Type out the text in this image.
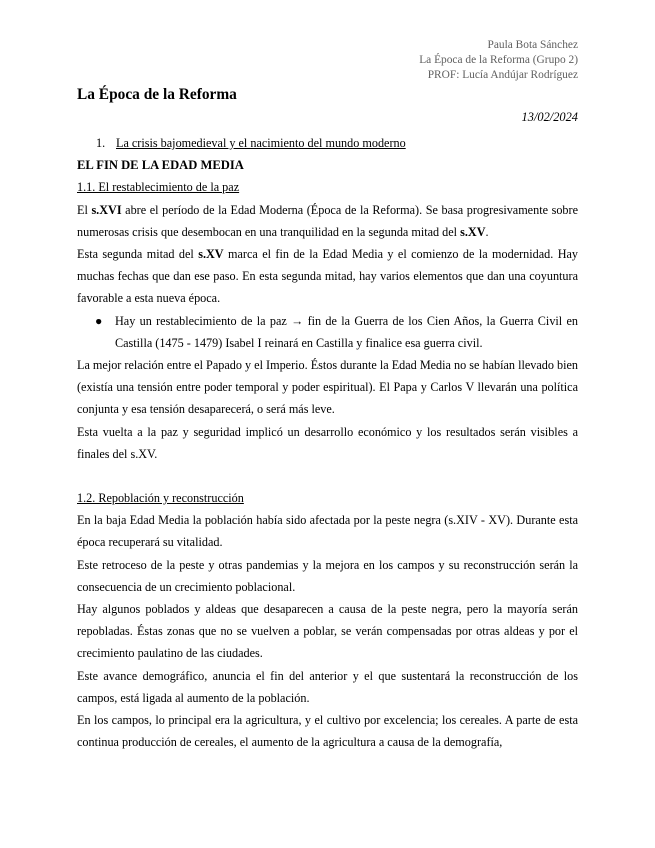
Paula Bota Sánchez
La Época de la Reforma (Grupo 2)
PROF: Lucía Andújar Rodríguez
La Época de la Reforma
13/02/2024

1. La crisis bajomedieval y el nacimiento del mundo moderno

EL FIN DE LA EDAD MEDIA

1.1. El restablecimiento de la paz

El s.XVI abre el período de la Edad Moderna (Época de la Reforma). Se basa progresivamente sobre numerosas crisis que desembocan en una tranquilidad en la segunda mitad del s.XV.

Esta segunda mitad del s.XV marca el fin de la Edad Media y el comienzo de la modernidad. Hay muchas fechas que dan ese paso. En esta segunda mitad, hay varios elementos que dan una coyuntura favorable a esta nueva época.

● Hay un restablecimiento de la paz → fin de la Guerra de los Cien Años, la Guerra Civil en Castilla (1475 - 1479) Isabel I reinará en Castilla y finalice esa guerra civil.

La mejor relación entre el Papado y el Imperio. Éstos durante la Edad Media no se habían llevado bien (existía una tensión entre poder temporal y poder espiritual). El Papa y Carlos V llevarán una política conjunta y esa tensión desaparecerá, o será más leve.

Esta vuelta a la paz y seguridad implicó un desarrollo económico y los resultados serán visibles a finales del s.XV.

1.2. Repoblación y reconstrucción

En la baja Edad Media la población había sido afectada por la peste negra (s.XIV - XV). Durante esta época recuperará su vitalidad.

Este retroceso de la peste y otras pandemias y la mejora en los campos y su reconstrucción serán la consecuencia de un crecimiento poblacional.

Hay algunos poblados y aldeas que desaparecen a causa de la peste negra, pero la mayoría serán repobladas. Éstas zonas que no se vuelven a poblar, se verán compensadas por otras aldeas y por el crecimiento paulatino de las ciudades.

Este avance demográfico, anuncia el fin del anterior y el que sustentará la reconstrucción de los campos, está ligada al aumento de la población.

En los campos, lo principal era la agricultura, y el cultivo por excelencia; los cereales. A parte de esta continua producción de cereales, el aumento de la agricultura a causa de la demografía,
